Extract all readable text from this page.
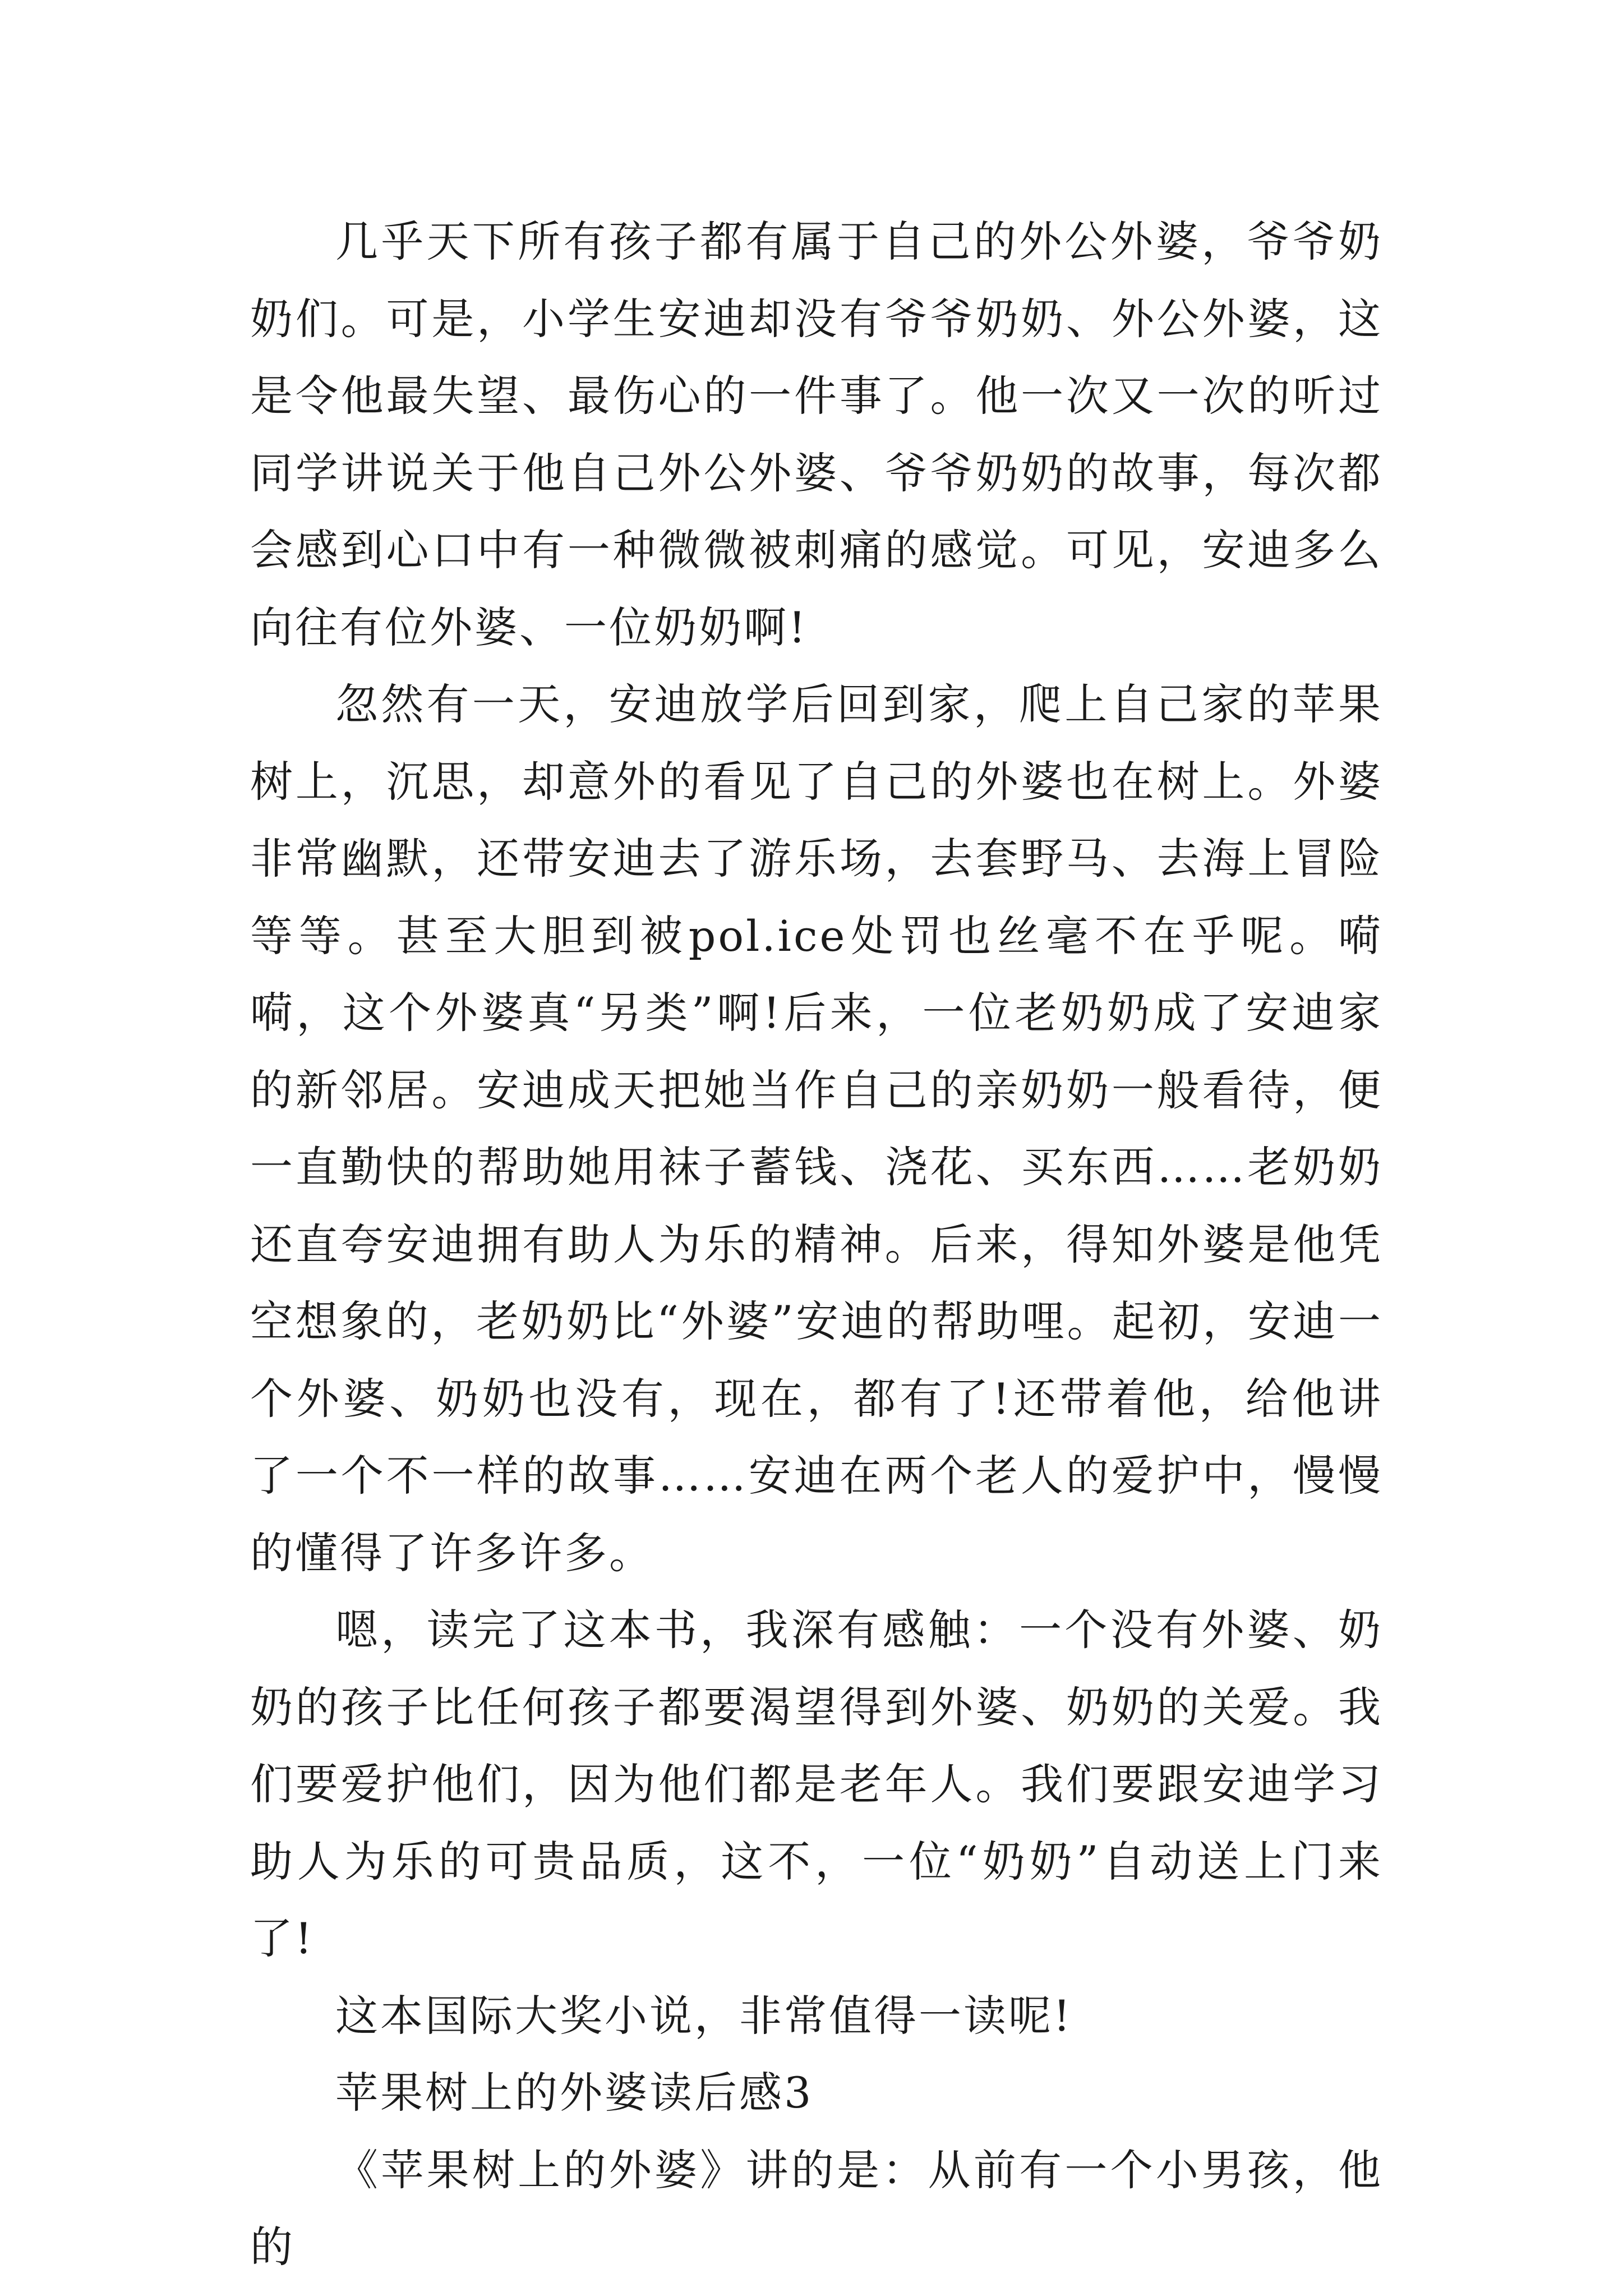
几乎天下所有孩子都有属于自己的外公外婆，爷爷奶奶们。可是，小学生安迪却没有爷爷奶奶、外公外婆，这是令他最失望、最伤心的一件事了。他一次又一次的听过同学讲说关于他自己外公外婆、爷爷奶奶的故事，每次都会感到心口中有一种微微被刺痛的感觉。可见，安迪多么向往有位外婆、一位奶奶啊!

忽然有一天，安迪放学后回到家，爬上自己家的苹果树上，沉思，却意外的看见了自己的外婆也在树上。外婆非常幽默，还带安迪去了游乐场，去套野马、去海上冒险等等。甚至大胆到被pol.ice处罚也丝毫不在乎呢。嗬嗬，这个外婆真“另类”啊!后来，一位老奶奶成了安迪家的新邻居。安迪成天把她当作自己的亲奶奶一般看待，便一直勤快的帮助她用袜子蓄钱、浇花、买东西……老奶奶还直夸安迪拥有助人为乐的精神。后来，得知外婆是他凭空想象的，老奶奶比“外婆”安迪的帮助哩。起初，安迪一个外婆、奶奶也没有，现在，都有了!还带着他，给他讲了一个不一样的故事……安迪在两个老人的爱护中，慢慢的懂得了许多许多。

嗯，读完了这本书，我深有感触：一个没有外婆、奶奶的孩子比任何孩子都要渴望得到外婆、奶奶的关爱。我们要爱护他们，因为他们都是老年人。我们要跟安迪学习助人为乐的可贵品质，这不，一位“奶奶”自动送上门来了!

这本国际大奖小说，非常值得一读呢!

苹果树上的外婆读后感3

《苹果树上的外婆》讲的是：从前有一个小男孩，他的
